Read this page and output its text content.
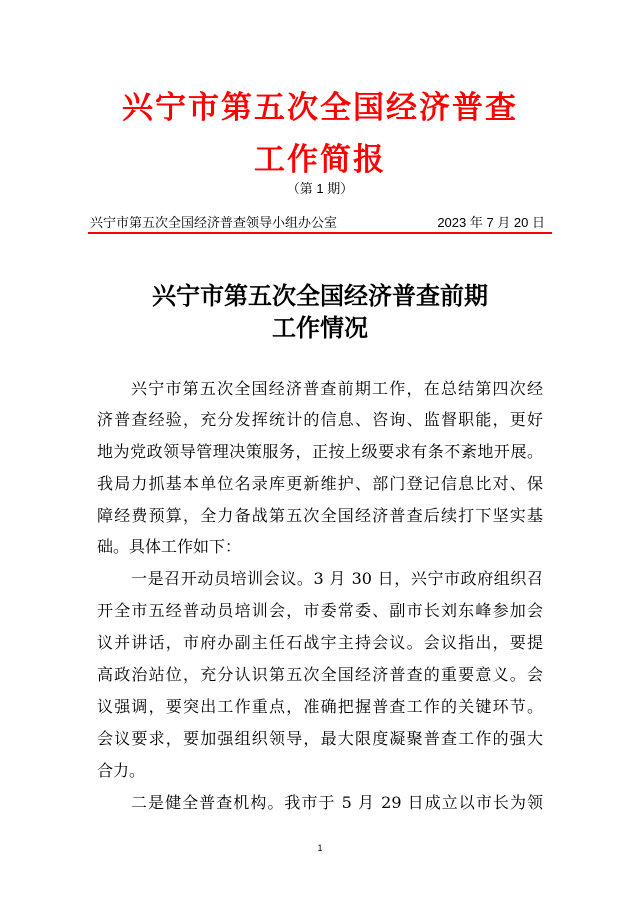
兴宁市第五次全国经济普查
工作简报
（第 1 期）
兴宁市第五次全国经济普查领导小组办公室	2023 年 7 月 20 日
兴宁市第五次全国经济普查前期
工作情况
兴宁市第五次全国经济普查前期工作，在总结第四次经
济普查经验，充分发挥统计的信息、咨询、监督职能，更好
地为党政领导管理决策服务，正按上级要求有条不紊地开展。
我局力抓基本单位名录库更新维护、部门登记信息比对、保
障经费预算，全力备战第五次全国经济普查后续打下坚实基
础。具体工作如下：
一是召开动员培训会议。3 月 30 日，兴宁市政府组织召
开全市五经普动员培训会，市委常委、副市长刘东峰参加会
议并讲话，市府办副主任石战宇主持会议。会议指出，要提
高政治站位，充分认识第五次全国经济普查的重要意义。会
议强调，要突出工作重点，准确把握普查工作的关键环节。
会议要求，要加强组织领导，最大限度凝聚普查工作的强大
合力。
二是健全普查机构。我市于 5 月 29 日成立以市长为领
1
